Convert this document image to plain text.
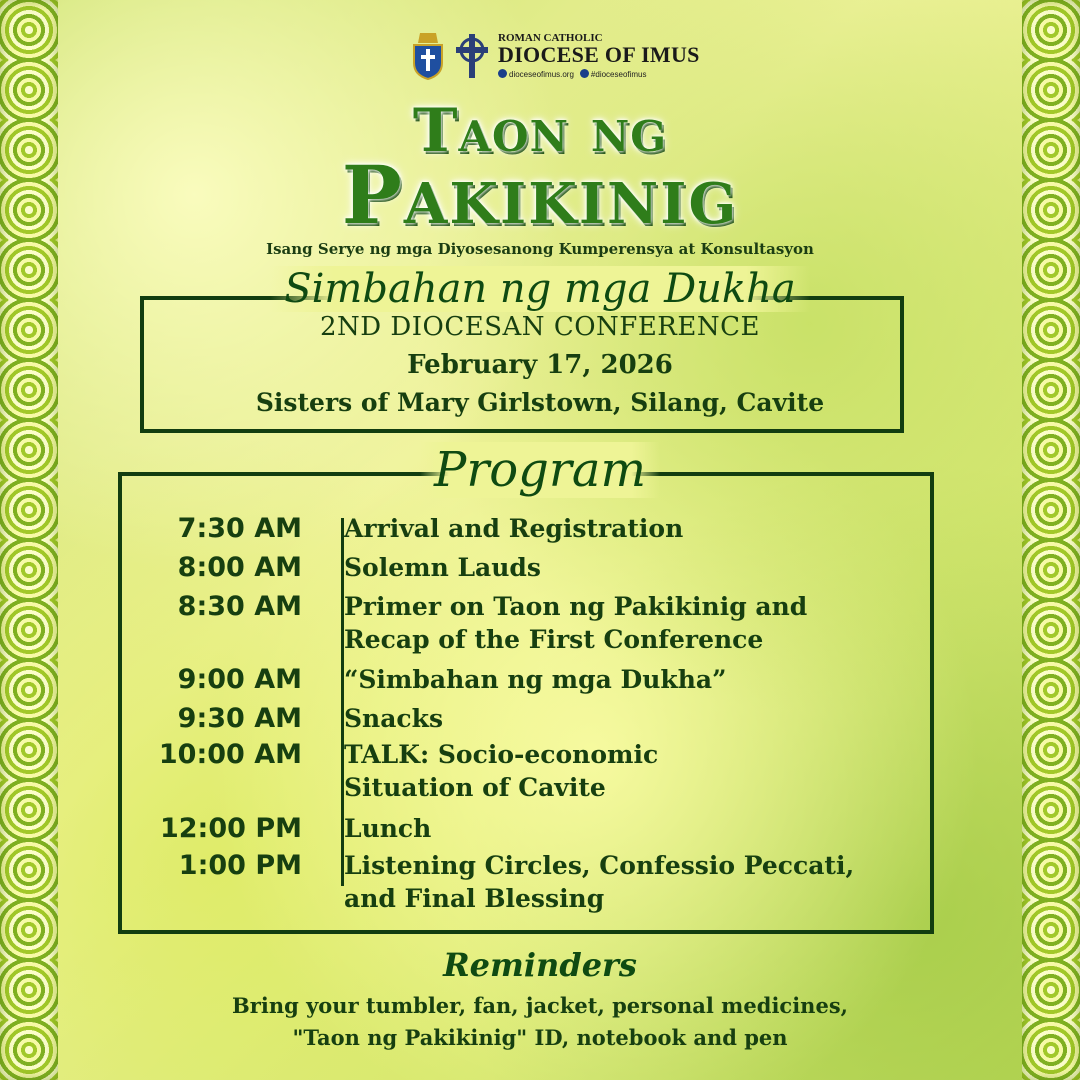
ROMAN CATHOLIC
DIOCESE OF IMUS
dioceseofimus.org	#dioceseofimus
Taon ng
Pakikinig
Isang Serye ng mga Diyosesanong Kumperensya at Konsultasyon
Simbahan ng mga Dukha
2ND DIOCESAN CONFERENCE
February 17, 2026
Sisters of Mary Girlstown, Silang, Cavite
Program
7:30 AM	Arrival and Registration
8:00 AM	Solemn Lauds
8:30 AM	Primer on Taon ng Pakikinig and Recap of the First Conference
9:00 AM	“Simbahan ng mga Dukha”
9:30 AM	Snacks
10:00 AM	TALK: Socio-economic Situation of Cavite
12:00 PM	Lunch
1:00 PM	Listening Circles, Confessio Peccati, and Final Blessing
Reminders
Bring your tumbler, fan, jacket, personal medicines,
"Taon ng Pakikinig" ID, notebook and pen
